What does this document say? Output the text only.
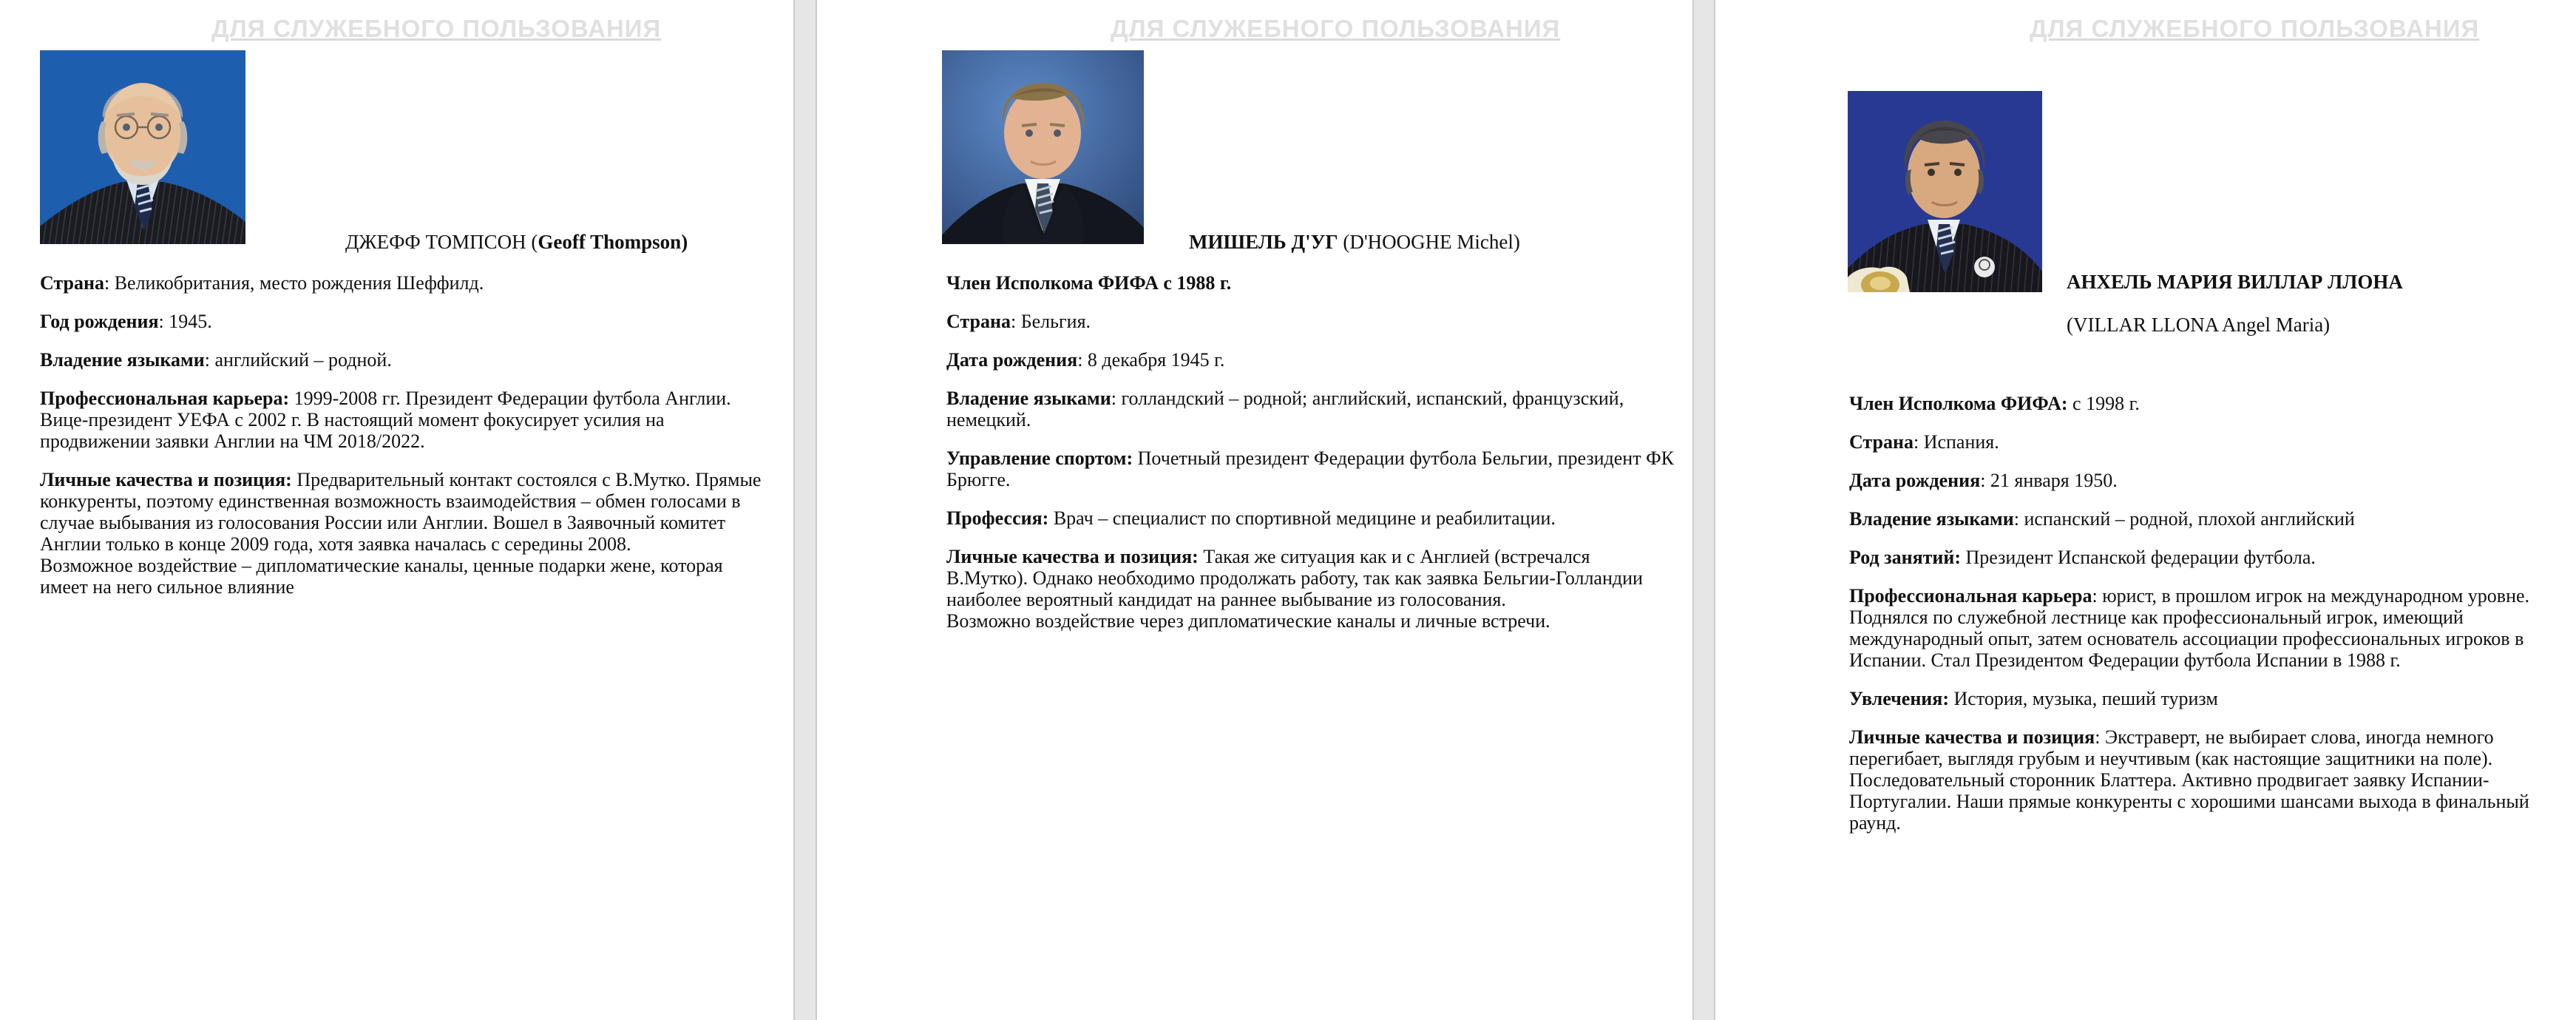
ДЛЯ СЛУЖЕБНОГО ПОЛЬЗОВАНИЯ
ДЖЕФФ ТОМПСОН (Geoff Thompson)

Страна: Великобритания, место рождения Шеффилд.

Год рождения: 1945.

Владение языками: английский – родной.

Профессиональная карьера: 1999-2008 гг. Президент Федерации футбола Англии. Вице-президент УЕФА с 2002 г. В настоящий момент фокусирует усилия на продвижении заявки Англии на ЧМ 2018/2022.

Личные качества и позиция: Предварительный контакт состоялся с В.Мутко. Прямые конкуренты, поэтому единственная возможность взаимодействия – обмен голосами в случае выбывания из голосования России или Англии. Вошел в Заявочный комитет Англии только в конце 2009 года, хотя заявка началась с середины 2008.

Возможное воздействие – дипломатические каналы, ценные подарки жене, которая имеет на него сильное влияние

ДЛЯ СЛУЖЕБНОГО ПОЛЬЗОВАНИЯ
МИШЕЛЬ Д'УГ (D'HOOGHE Michel)

Член Исполкома ФИФА с 1988 г.

Страна: Бельгия.

Дата рождения: 8 декабря 1945 г.

Владение языками: голландский – родной; английский, испанский, французский, немецкий.

Управление спортом: Почетный президент Федерации футбола Бельгии, президент ФК Брюгге.

Профессия: Врач – специалист по спортивной медицине и реабилитации.

Личные качества и позиция: Такая же ситуация как и с Англией (встречался В.Мутко). Однако необходимо продолжать работу, так как заявка Бельгии-Голландии наиболее вероятный кандидат на раннее выбывание из голосования.

Возможно воздействие через дипломатические каналы и личные встречи.

ДЛЯ СЛУЖЕБНОГО ПОЛЬЗОВАНИЯ
АНХЕЛЬ МАРИЯ ВИЛЛАР ЛЛОНА (VILLAR LLONA Angel Maria)

Член Исполкома ФИФА: с 1998 г.

Страна: Испания.

Дата рождения: 21 января 1950.

Владение языками: испанский – родной, плохой английский

Род занятий: Президент Испанской федерации футбола.

Профессиональная карьера: юрист, в прошлом игрок на международном уровне. Поднялся по служебной лестнице как профессиональный игрок, имеющий международный опыт, затем основатель ассоциации профессиональных игроков в Испании. Стал Президентом Федерации футбола Испании в 1988 г.

Увлечения: История, музыка, пеший туризм

Личные качества и позиция: Экстраверт, не выбирает слова, иногда немного перегибает, выглядя грубым и неучтивым (как настоящие защитники на поле). Последовательный сторонник Блаттера. Активно продвигает заявку Испании-Португалии. Наши прямые конкуренты с хорошими шансами выхода в финальный раунд.
